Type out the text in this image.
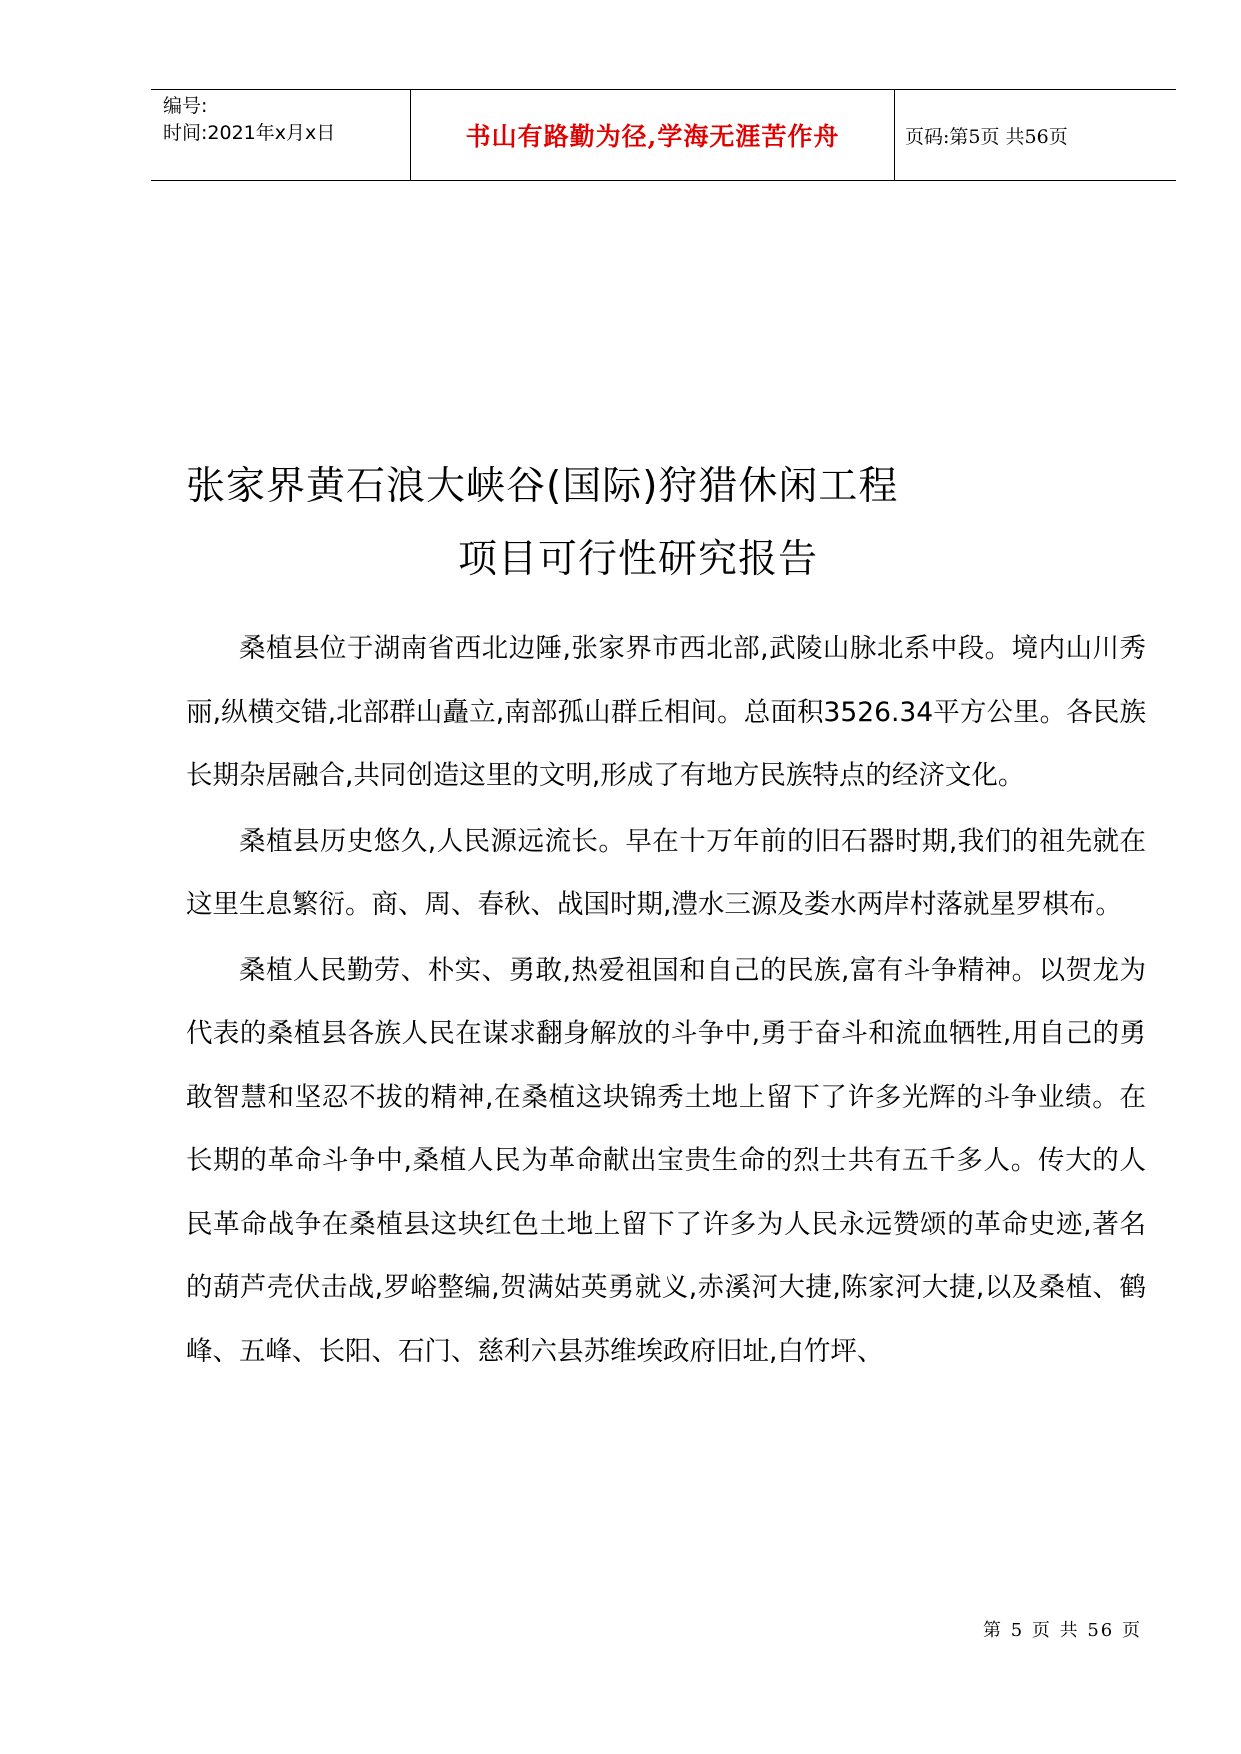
编号:
时间:2021年x月x日	书山有路勤为径,学海无涯苦作舟	页码:第5页 共56页
张家界黄石浪大峡谷(国际)狩猎休闲工程
项目可行性研究报告

桑植县位于湖南省西北边陲,张家界市西北部,武陵山脉北系中段。境内山川秀丽,纵横交错,北部群山矗立,南部孤山群丘相间。总面积3526.34平方公里。各民族长期杂居融合,共同创造这里的文明,形成了有地方民族特点的经济文化。

桑植县历史悠久,人民源远流长。早在十万年前的旧石器时期,我们的祖先就在这里生息繁衍。商、周、春秋、战国时期,澧水三源及娄水两岸村落就星罗棋布。

桑植人民勤劳、朴实、勇敢,热爱祖国和自己的民族,富有斗争精神。以贺龙为代表的桑植县各族人民在谋求翻身解放的斗争中,勇于奋斗和流血牺牲,用自己的勇敢智慧和坚忍不拔的精神,在桑植这块锦秀土地上留下了许多光辉的斗争业绩。在长期的革命斗争中,桑植人民为革命献出宝贵生命的烈士共有五千多人。传大的人民革命战争在桑植县这块红色土地上留下了许多为人民永远赞颂的革命史迹,著名的葫芦壳伏击战,罗峪整编,贺满姑英勇就义,赤溪河大捷,陈家河大捷,以及桑植、鹤峰、五峰、长阳、石门、慈利六县苏维埃政府旧址,白竹坪、

第 5 页 共 56 页
